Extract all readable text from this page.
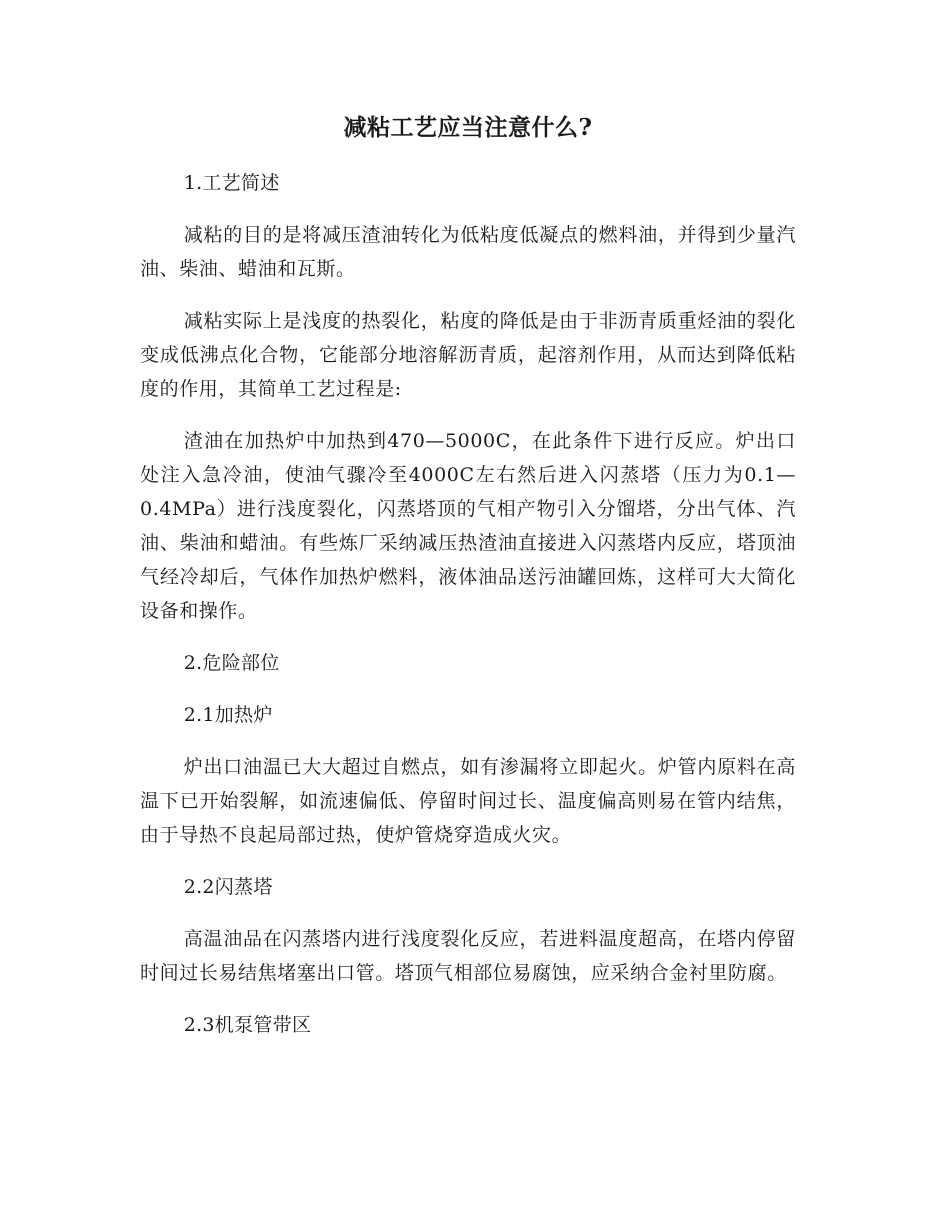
减粘工艺应当注意什么?

1.工艺简述

减粘的目的是将减压渣油转化为低粘度低凝点的燃料油，并得到少量汽油、柴油、蜡油和瓦斯。

减粘实际上是浅度的热裂化，粘度的降低是由于非沥青质重烃油的裂化变成低沸点化合物，它能部分地溶解沥青质，起溶剂作用，从而达到降低粘度的作用，其简单工艺过程是:

渣油在加热炉中加热到470—5000C，在此条件下进行反应。炉出口处注入急冷油，使油气骤冷至4000C左右然后进入闪蒸塔（压力为0.1—0.4MPa）进行浅度裂化，闪蒸塔顶的气相产物引入分馏塔，分出气体、汽油、柴油和蜡油。有些炼厂采纳减压热渣油直接进入闪蒸塔内反应，塔顶油气经冷却后，气体作加热炉燃料，液体油品送污油罐回炼，这样可大大简化设备和操作。

2.危险部位

2.1加热炉

炉出口油温已大大超过自燃点，如有渗漏将立即起火。炉管内原料在高温下已开始裂解，如流速偏低、停留时间过长、温度偏高则易在管内结焦，由于导热不良起局部过热，使炉管烧穿造成火灾。

2.2闪蒸塔

高温油品在闪蒸塔内进行浅度裂化反应，若进料温度超高，在塔内停留时间过长易结焦堵塞出口管。塔顶气相部位易腐蚀，应采纳合金衬里防腐。

2.3机泵管带区
